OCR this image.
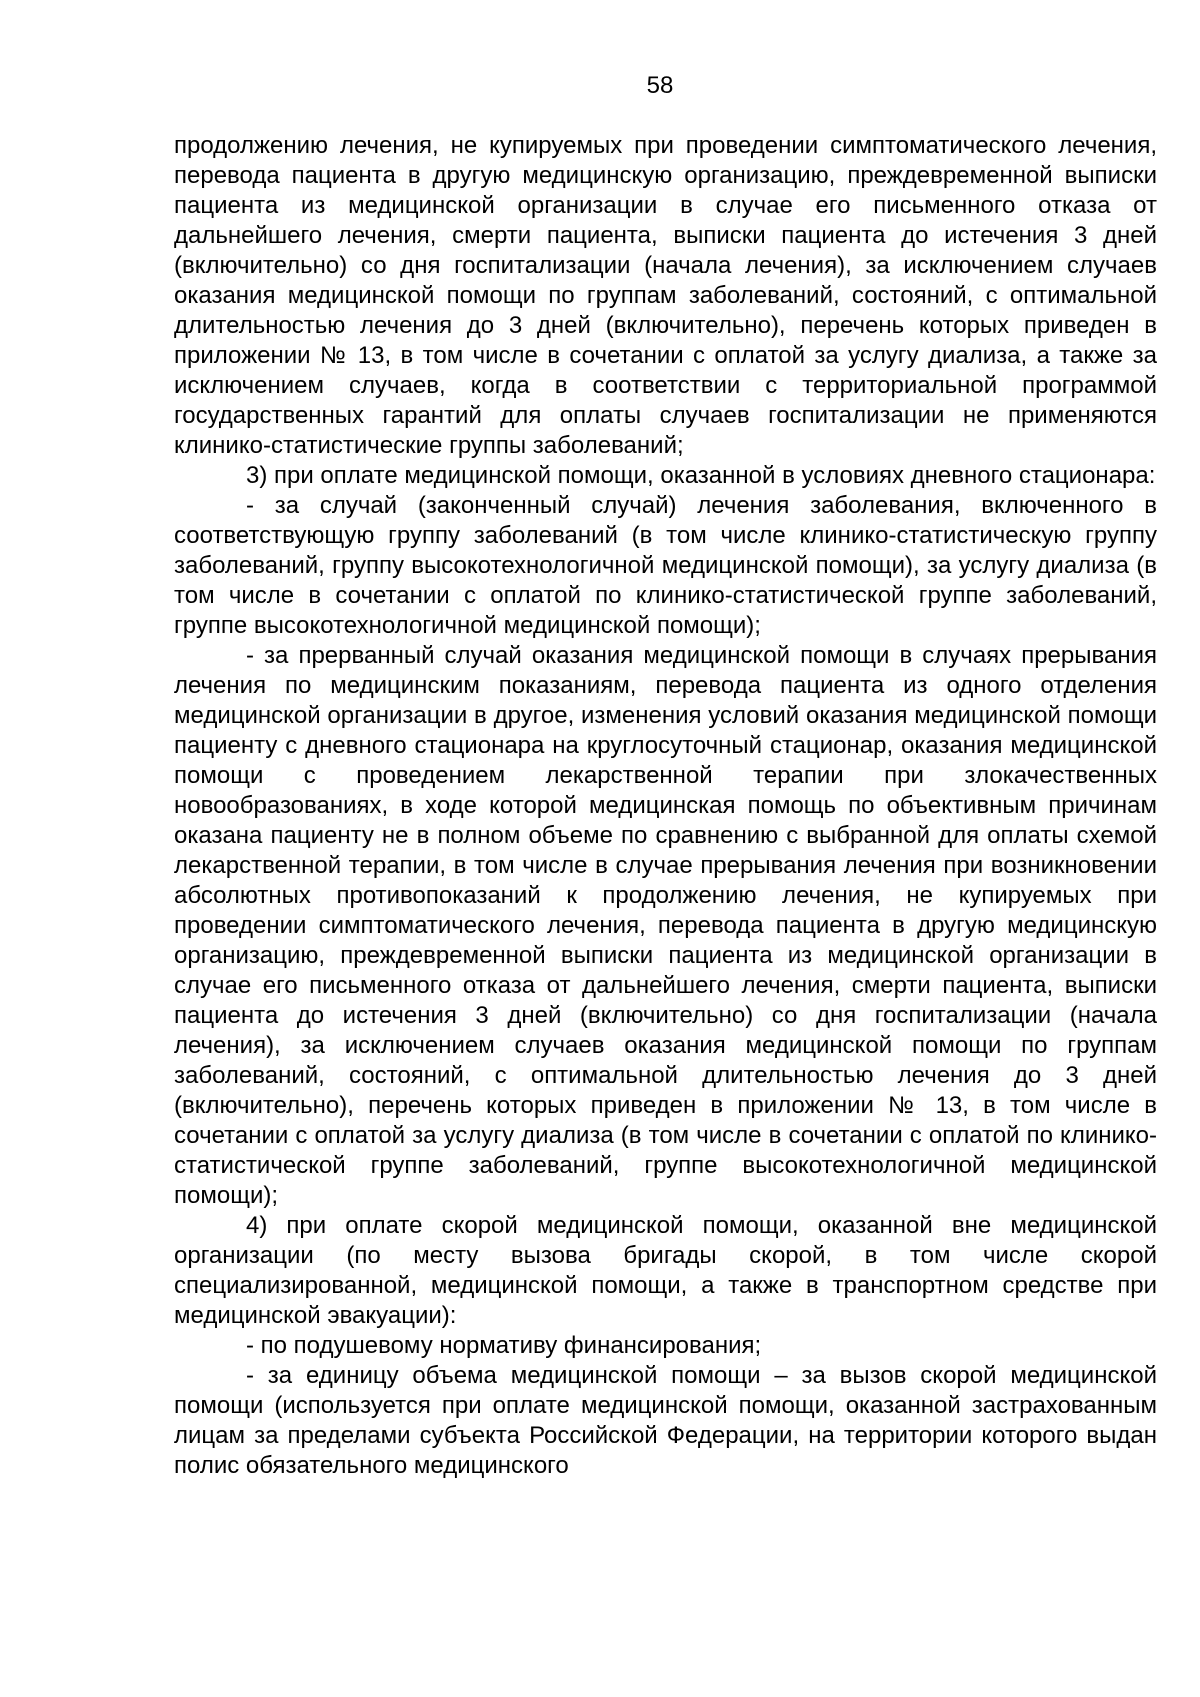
58

продолжению лечения, не купируемых при проведении симптоматического лечения, перевода пациента в другую медицинскую организацию, преждевременной выписки пациента из медицинской организации в случае его письменного отказа от дальнейшего лечения, смерти пациента, выписки пациента до истечения 3 дней (включительно) со дня госпитализации (начала лечения), за исключением случаев оказания медицинской помощи по группам заболеваний, состояний, с оптимальной длительностью лечения до 3 дней (включительно), перечень которых приведен в приложении № 13, в том числе в сочетании с оплатой за услугу диализа, а также за исключением случаев, когда в соответствии с территориальной программой государственных гарантий для оплаты случаев госпитализации не применяются клинико-статистические группы заболеваний;

3) при оплате медицинской помощи, оказанной в условиях дневного стационара:

- за случай (законченный случай) лечения заболевания, включенного в соответствующую группу заболеваний (в том числе клинико-статистическую группу заболеваний, группу высокотехнологичной медицинской помощи), за услугу диализа (в том числе в сочетании с оплатой по клинико-статистической группе заболеваний, группе высокотехнологичной медицинской помощи);

- за прерванный случай оказания медицинской помощи в случаях прерывания лечения по медицинским показаниям, перевода пациента из одного отделения медицинской организации в другое, изменения условий оказания медицинской помощи пациенту с дневного стационара на круглосуточный стационар, оказания медицинской помощи с проведением лекарственной терапии при злокачественных новообразованиях, в ходе которой медицинская помощь по объективным причинам оказана пациенту не в полном объеме по сравнению с выбранной для оплаты схемой лекарственной терапии, в том числе в случае прерывания лечения при возникновении абсолютных противопоказаний к продолжению лечения, не купируемых при проведении симптоматического лечения, перевода пациента в другую медицинскую организацию, преждевременной выписки пациента из медицинской организации в случае его письменного отказа от дальнейшего лечения, смерти пациента, выписки пациента до истечения 3 дней (включительно) со дня госпитализации (начала лечения), за исключением случаев оказания медицинской помощи по группам заболеваний, состояний, с оптимальной длительностью лечения до 3 дней (включительно), перечень которых приведен в приложении № 13, в том числе в сочетании с оплатой за услугу диализа (в том числе в сочетании с оплатой по клинико-статистической группе заболеваний, группе высокотехнологичной медицинской помощи);

4) при оплате скорой медицинской помощи, оказанной вне медицинской организации (по месту вызова бригады скорой, в том числе скорой специализированной, медицинской помощи, а также в транспортном средстве при медицинской эвакуации):

- по подушевому нормативу финансирования;

- за единицу объема медицинской помощи – за вызов скорой медицинской помощи (используется при оплате медицинской помощи, оказанной застрахованным лицам за пределами субъекта Российской Федерации, на территории которого выдан полис обязательного медицинского
